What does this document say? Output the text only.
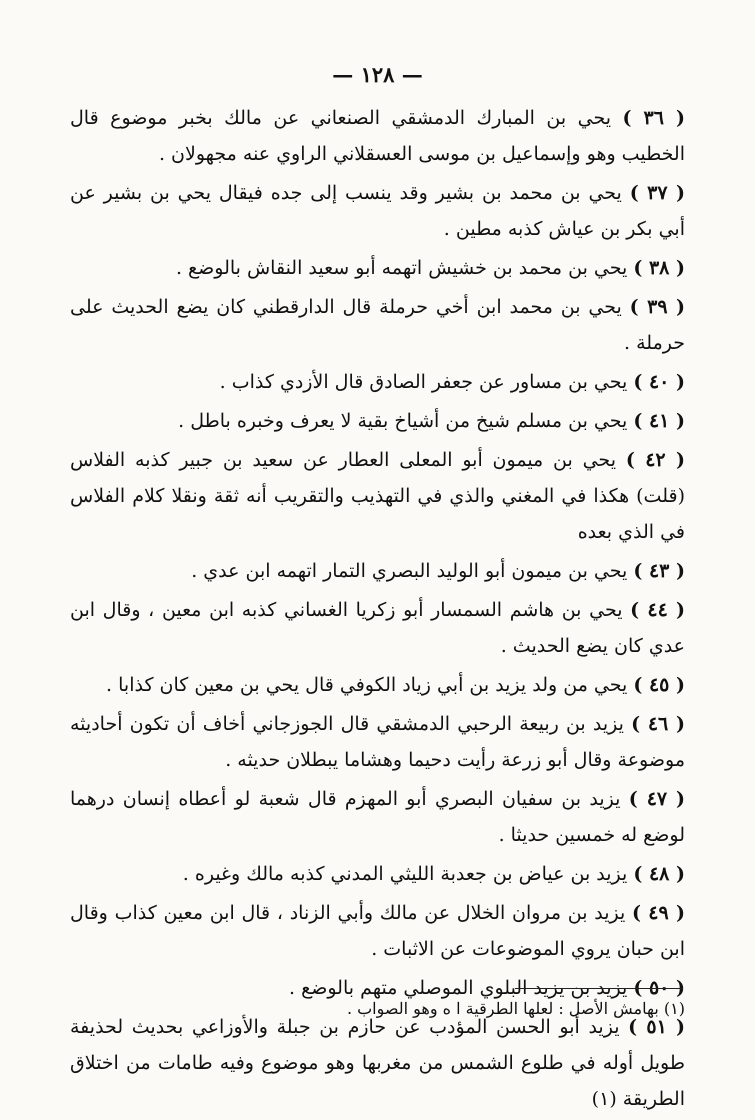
— ١٢٨ —

( ٣٦ ) يحي بن المبارك الدمشقي الصنعاني عن مالك بخبر موضوع قال الخطيب وهو وإسماعيل بن موسى العسقلاني الراوي عنه مجهولان .

( ٣٧ ) يحي بن محمد بن بشير وقد ينسب إلى جده فيقال يحي بن بشير عن أبي بكر بن عياش كذبه مطين .

( ٣٨ ) يحي بن محمد بن خشيش اتهمه أبو سعيد النقاش بالوضع .

( ٣٩ ) يحي بن محمد ابن أخي حرملة قال الدارقطني كان يضع الحديث على حرملة .

( ٤٠ ) يحي بن مساور عن جعفر الصادق قال الأزدي كذاب .

( ٤١ ) يحي بن مسلم شيخ من أشياخ بقية لا يعرف وخبره باطل .

( ٤٢ ) يحي بن ميمون أبو المعلى العطار عن سعيد بن جبير كذبه الفلاس (قلت) هكذا في المغني والذي في التهذيب والتقريب أنه ثقة ونقلا كلام الفلاس في الذي بعده

( ٤٣ ) يحي بن ميمون أبو الوليد البصري التمار اتهمه ابن عدي .

( ٤٤ ) يحي بن هاشم السمسار أبو زكريا الغساني كذبه ابن معين ، وقال ابن عدي كان يضع الحديث .

( ٤٥ ) يحي من ولد يزيد بن أبي زياد الكوفي قال يحي بن معين كان كذابا .

( ٤٦ ) يزيد بن ربيعة الرحبي الدمشقي قال الجوزجاني أخاف أن تكون أحاديثه موضوعة وقال أبو زرعة رأيت دحيما وهشاما يبطلان حديثه .

( ٤٧ ) يزيد بن سفيان البصري أبو المهزم قال شعبة لو أعطاه إنسان درهما لوضع له خمسين حديثا .

( ٤٨ ) يزيد بن عياض بن جعدبة الليثي المدني كذبه مالك وغيره .

( ٤٩ ) يزيد بن مروان الخلال عن مالك وأبي الزناد ، قال ابن معين كذاب وقال ابن حبان يروي الموضوعات عن الاثبات .

( ٥٠ ) يزيد بن يزيد البلوي الموصلي متهم بالوضع .

( ٥١ ) يزيد أبو الحسن المؤدب عن حازم بن جبلة والأوزاعي بحديث لحذيفة طويل أوله في طلوع الشمس من مغربها وهو موضوع وفيه طامات من اختلاق الطريقة (١)

(١) بهامش الأصل : لعلها الطرقية ا ه وهو الصواب .
